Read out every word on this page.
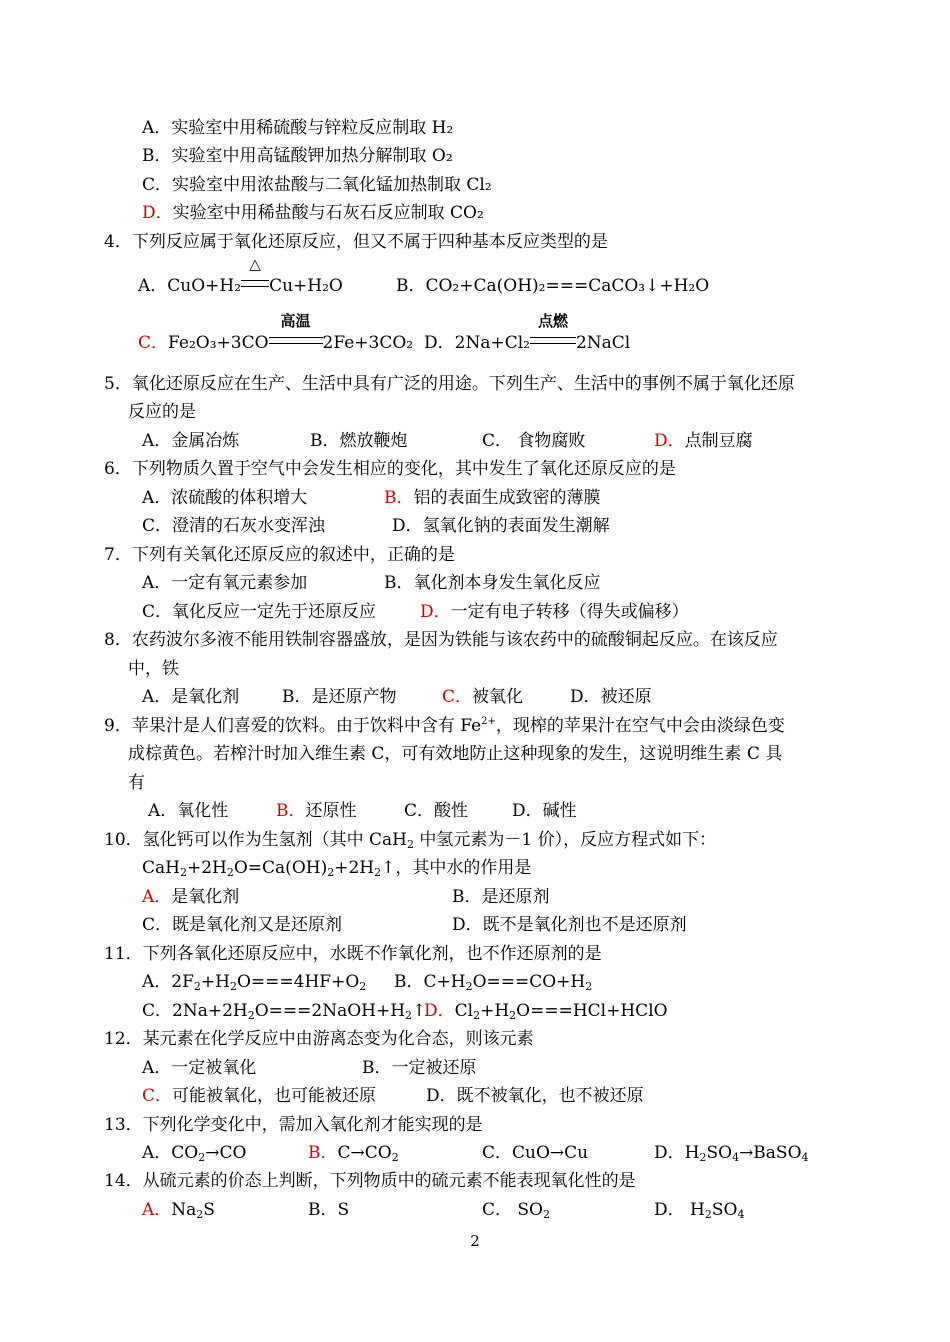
A．实验室中用稀硫酸与锌粒反应制取 H₂
B．实验室中用高锰酸钾加热分解制取 O₂
C．实验室中用浓盐酸与二氧化锰加热制取 Cl₂
D．实验室中用稀盐酸与石灰石反应制取 CO₂
4．下列反应属于氧化还原反应，但又不属于四种基本反应类型的是
A．CuO+H₂
△
Cu+H₂O	B．CO₂+Ca(OH)₂===CaCO₃↓+H₂O
C．Fe₂O₃+3CO
高温
2Fe+3CO₂ D．2Na+Cl₂
点燃
2NaCl
5．氧化还原反应在生产、生活中具有广泛的用途。下列生产、生活中的事例不属于氧化还原
反应的是
A．金属冶炼	B．燃放鞭炮	C． 食物腐败	D．点制豆腐
6．下列物质久置于空气中会发生相应的变化，其中发生了氧化还原反应的是
A．浓硫酸的体积增大	B．铝的表面生成致密的薄膜
C．澄清的石灰水变浑浊	D．氢氧化钠的表面发生潮解
7．下列有关氧化还原反应的叙述中，正确的是
A．一定有氧元素参加	B．氧化剂本身发生氧化反应
C．氧化反应一定先于还原反应	D．一定有电子转移（得失或偏移）
8．农药波尔多液不能用铁制容器盛放，是因为铁能与该农药中的硫酸铜起反应。在该反应
中，铁
A．是氧化剂	B．是还原产物	C．被氧化	D．被还原
9．苹果汁是人们喜爱的饮料。由于饮料中含有 $Fe^{2+}$，现榨的苹果汁在空气中会由淡绿色变
成棕黄色。若榨汁时加入维生素 C，可有效地防止这种现象的发生，这说明维生素 C 具
有
A．氧化性	B．还原性	C．酸性	D．碱性
10．氢化钙可以作为生氢剂（其中 CaH$_2$ 中氢元素为－1 价），反应方程式如下：
$CaH_2+2H_2O=Ca(OH)_2+2H_2↑$，其中水的作用是
A．是氧化剂	B．是还原剂
C．既是氧化剂又是还原剂	D．既不是氧化剂也不是还原剂
11．下列各氧化还原反应中，水既不作氧化剂，也不作还原剂的是
A．$2F_2+H_2O===4HF+O_2$ B．$C+H_2O===CO+H_2$
C．$2Na+2H_2O===2NaOH+H_2↑$
D．$Cl_2+H_2O===HCl+HClO$
12．某元素在化学反应中由游离态变为化合态，则该元素
A．一定被氧化	B．一定被还原
C．可能被氧化，也可能被还原	D．既不被氧化，也不被还原
13．下列化学变化中，需加入氧化剂才能实现的是
A．$CO_2\to CO$	B．$C\to CO_2$	C．CuO→Cu	D．$H_2SO_4\to BaSO_4$
14．从硫元素的价态上判断，下列物质中的硫元素不能表现氧化性的是
A．$Na_2S$	B．S	C． $SO_2$	D． $H_2SO_4$
2
